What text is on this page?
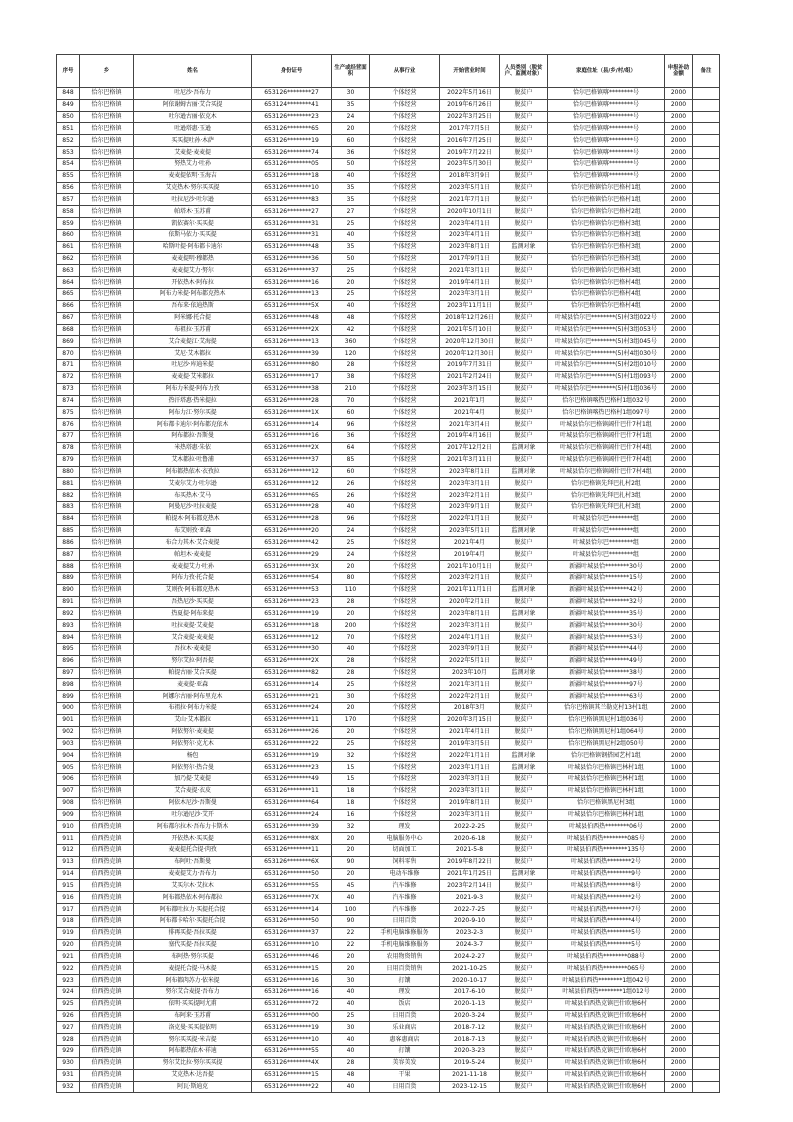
序号	乡	姓名	身份证号	生产或经营面积	从事行业	开始营业时间	人员类别（脱贫户、监测对象）	家庭住址（县/乡/村/组）	申报补助金额	备注
848	恰尔巴格镇	吐尼沙·吾布力	653126********27	30	个体经营	2022年5月16日	脱贫户	恰尔巴格镇喀********号	2000	
849	恰尔巴格镇	阿依谢姆古丽·艾合买提	653124********41	35	个体经营	2019年6月26日	脱贫户	恰尔巴格镇喀********号	2000	
850	恰尔巴格镇	吐尔逊古丽·依克木	653126********23	24	个体经营	2022年3月25日	脱贫户	恰尔巴格镇喀********号	2000	
851	恰尔巴格镇	吐逊塔惠·玉逊	653126********65	20	个体经营	2017年7月5日	脱贫户	恰尔巴格镇喀********号	2000	
852	恰尔巴格镇	买买提吐孙·木萨	653126********19	60	个体经营	2016年7月25日	脱贫户	恰尔巴格镇喀********号	2000	
853	恰尔巴格镇	艾麦提·麦麦提	653126********74	36	个体经营	2019年7月22日	脱贫户	恰尔巴格镇喀********号	2000	
854	恰尔巴格镇	努热艾力·吐孙	653126********05	50	个体经营	2023年5月30日	脱贫户	恰尔巴格镇喀********号	2000	
855	恰尔巴格镇	麦麦提依明·玉海吉	653126********18	40	个体经营	2018年3月9日	脱贫户	恰尔巴格镇喀********号	2000	
856	恰尔巴格镇	艾克热木·努尔买买提	653126********10	35	个体经营	2023年5月1日	脱贫户	恰尔巴格镇恰尔巴格村1组	2000	
857	恰尔巴格镇	吐拉尼沙·吐尔逊	653126********83	35	个体经营	2021年7月1日	脱贫户	恰尔巴格镇恰尔巴格村1组	2000	
858	恰尔巴格镇	帕塔木·玉苏甫	653126********27	27	个体经营	2020年10月1日	脱贫户	恰尔巴格镇恰尔巴格村2组	2000	
859	恰尔巴格镇	凯依赛尔·买买提	653126********31	25	个体经营	2023年4月1日	脱贫户	恰尔巴格镇恰尔巴格村3组	2000	
860	恰尔巴格镇	依斯马依力·买买提	653126********31	40	个体经营	2023年4月1日	脱贫户	恰尔巴格镇恰尔巴格村3组	2000	
861	恰尔巴格镇	哈斯叶提·阿布都卡迪尔	653126********48	35	个体经营	2023年8月1日	监测对象	恰尔巴格镇恰尔巴格村3组	2000	
862	恰尔巴格镇	麦麦提明·穆都热	653126********36	50	个体经营	2017年9月1日	脱贫户	恰尔巴格镇恰尔巴格村3组	2000	
863	恰尔巴格镇	麦麦提艾力·努尔	653126********37	25	个体经营	2021年3月1日	脱贫户	恰尔巴格镇恰尔巴格村3组	2000	
864	恰尔巴格镇	开依热木·阿布拉	653126********16	20	个体经营	2019年4月1日	脱贫户	恰尔巴格镇恰尔巴格村4组	2000	
865	恰尔巴格镇	阿布力米提·阿布都克热木	653126********13	25	个体经营	2023年3月1日	脱贫户	恰尔巴格镇恰尔巴格村4组	2000	
866	恰尔巴格镇	吾布来·依迪热斯	653126********5X	40	个体经营	2023年11月1日	脱贫户	恰尔巴格镇恰尔巴格村4组	2000	
867	恰尔巴格镇	阿米娜·托合提	653126********48	48	个体经营	2018年12月26日	脱贫户	叶城县恰尔巴********(5)村3组022号	2000	
868	恰尔巴格镇	布祖拉·玉苏甫	653126********2X	42	个体经营	2021年5月10日	脱贫户	叶城县恰尔巴********(5)村3组053号	2000	
869	恰尔巴格镇	艾合麦提江·艾海提	653126********13	360	个体经营	2020年12月30日	脱贫户	叶城县恰尔巴********(5)村3组045号	2000	
870	恰尔巴格镇	艾尼·艾木都拉	653126********39	120	个体经营	2020年12月30日	脱贫户	叶城县恰尔巴********(5)村4组030号	2000	
871	恰尔巴格镇	吐尼沙·库迪米提	653126********80	28	个体经营	2019年7月31日	脱贫户	叶城县恰尔巴********(5)村2组010号	2000	
872	恰尔巴格镇	麦麦提·艾米都拉	653126********17	38	个体经营	2021年2月24日	脱贫户	叶城县恰尔巴********(5)村1组093号	2000	
873	恰尔巴格镇	阿布力米提·阿布力孜	653126********38	210	个体经营	2023年3月15日	脱贫户	叶城县恰尔巴********(5)村1组036号	2000	
874	恰尔巴格镇	热汗塔惠·热米提拉	653126********28	70	个体经营	2021年1月	脱贫户	恰尔巴格镇喀热巴格村1组032号	2000	
875	恰尔巴格镇	阿布力江·努尔买提	653126********1X	60	个体经营	2021年4月	脱贫户	恰尔巴格镇喀热巴格村1组097号	2000	
876	恰尔巴格镇	阿布都卡迪尔·阿布都克依木	653126********14	96	个体经营	2021年3月4日	脱贫户	叶城县恰尔巴格镇阔什巴什7村1组	2000	
877	恰尔巴格镇	阿布都拉·吾斯曼	653126********16	36	个体经营	2019年4月16日	脱贫户	叶城县恰尔巴格镇阔什巴什7村1组	2000	
878	恰尔巴格镇	米热塔惠·朱依	653126********2X	64	个体经营	2017年12月2日	监测对象	叶城县恰尔巴格镇阔什巴什7村4组	2000	
879	恰尔巴格镇	艾木都拉·吐鲁浦	653126********37	85	个体经营	2021年3月11日	脱贫户	叶城县恰尔巴格镇阔什巴什7村4组	2000	
880	恰尔巴格镇	阿布都热依木·衣孜拉	653126********12	60	个体经营	2023年8月1日	监测对象	叶城县恰尔巴格镇阔什巴什7村4组	2000	
881	恰尔巴格镇	艾麦尔艾力·吐尔逊	653126********12	26	个体经营	2023年3月1日	脱贫户	恰尔巴格镇先拜巴扎村2组	2000	
882	恰尔巴格镇	布买热木·艾马	653126********65	26	个体经营	2023年2月1日	脱贫户	恰尔巴格镇先拜巴扎村3组	2000	
883	恰尔巴格镇	阿曼尼沙·吐拉麦提	653126********28	40	个体经营	2023年9月1日	脱贫户	恰尔巴格镇先拜巴扎村3组	2000	
884	恰尔巴格镇	帕提木·阿布都克热木	653126********28	96	个体经营	2022年1月1日	脱贫户	叶城县恰尔巴********组	2000	
885	恰尔巴格镇	布艾则孜·亚森	653126********20	24	个体经营	2023年5月1日	监测对象	叶城县恰尔巴********组	2000	
886	恰尔巴格镇	布合力其木·艾合麦提	653126********42	25	个体经营	2021年4月	脱贫户	叶城县恰尔巴********组	2000	
887	恰尔巴格镇	帕坦木·麦麦提	653126********29	24	个体经营	2019年4月	脱贫户	叶城县恰尔巴********组	2000	
888	恰尔巴格镇	麦麦提艾力·吐孙	653126********3X	20	个体经营	2021年10月1日	脱贫户	新疆叶城县恰********30号	2000	
889	恰尔巴格镇	阿布力孜·托合提	653126********54	80	个体经营	2023年2月1日	脱贫户	新疆叶城县恰********15号	2000	
890	恰尔巴格镇	艾则孜·阿布都克热木	653126********53	110	个体经营	2021年11月1日	监测对象	新疆叶城县恰********42号	2000	
891	恰尔巴格镇	吾热尼沙·买买提	653126********23	28	个体经营	2020年2月1日	脱贫户	新疆叶城县恰********32号	2000	
892	恰尔巴格镇	热夏提·阿布来提	653126********19	20	个体经营	2023年8月1日	监测对象	新疆叶城县恰********35号	2000	
893	恰尔巴格镇	吐拉麦提·艾麦提	653126********18	200	个体经营	2023年3月1日	脱贫户	新疆叶城县恰********30号	2000	
894	恰尔巴格镇	艾合麦提·麦麦提	653126********12	70	个体经营	2024年1月1日	脱贫户	新疆叶城县恰********53号	2000	
895	恰尔巴格镇	吾拉木·麦麦提	653126********30	40	个体经营	2023年9月1日	脱贫户	新疆叶城县恰********44号	2000	
896	恰尔巴格镇	努尔艾拉·阿吾提	653126********2X	28	个体经营	2022年5月1日	脱贫户	新疆叶城县恰********49号	2000	
897	恰尔巴格镇	帕提古丽·艾合买提	653126********82	28	个体经营	2023年10月	监测对象	新疆叶城县恰********38号	2000	
898	恰尔巴格镇	麦麦提·亚森	653126********14	25	个体经营	2021年3月1日	脱贫户	新疆叶城县恰********97号	2000	
899	恰尔巴格镇	阿娜尔古丽·阿布里克木	653126********21	30	个体经营	2022年2月1日	脱贫户	新疆叶城县恰********63号	2000	
900	恰尔巴格镇	布祖拉·阿布力米提	653126********24	20	个体经营	2018年3月	脱贫户	恰尔巴格镇其兰勒克村13村1组	2000	
901	恰尔巴格镇	艾山·艾木都拉	653126********11	170	个体经营	2020年3月15日	脱贫户	恰尔巴格镇黑尼村1组036号	2000	
902	恰尔巴格镇	阿依努尔·麦麦提	653126********26	20	个体经营	2021年4月1日	脱贫户	恰尔巴格镇黑尼村1组064号	2000	
903	恰尔巴格镇	阿依努尔·克尤木	653126********22	25	个体经营	2019年3月5日	脱贫户	恰尔巴格镇黑尼村2组050号	2000	
904	恰尔巴格镇	杨包	653126********19	32	个体经营	2022年1月1日	监测对象	恰尔巴格镇钢搭园艺村1组	2000	
905	恰尔巴格镇	阿依努尔·热合曼	653126********23	15	个体经营	2023年1月1日	监测对象	叶城县恰尔巴格镇巴林村1组	1000	
906	恰尔巴格镇	加乃提·艾麦提	653126********49	15	个体经营	2023年3月1日	脱贫户	叶城县恰尔巴格镇巴林村1组	1000	
907	恰尔巴格镇	艾合麦提·衣皮	653126********11	18	个体经营	2023年3月1日	脱贫户	叶城县恰尔巴格镇巴林村1组	1000	
908	恰尔巴格镇	阿依木尼沙·吾斯曼	653126********64	18	个体经营	2019年8月1日	脱贫户	恰尔巴格镇黑尼村3组	1000	
909	恰尔巴格镇	吐尔逊尼沙·艾开	653126********24	16	个体经营	2023年3月1日	脱贫户	叶城县恰尔巴格镇巴林村1组	1000	
910	伯西热克镇	阿布都尔拉木·吾布力卡斯木	653126********39	32	理发	2022-2-25	脱贫户	叶城县伯西热********06号	2000	
911	伯西热克镇	开依热木·买买提	653126********8X	20	电脑服务中心	2020-6-18	脱贫户	叶城县伯西热********085号	2000	
912	伯西热克镇	麦麦提托合提·肉孜	653126********11	20	切面加工	2021-5-8	脱贫户	叶城县伯西热********135号	2000	
913	伯西热克镇	布阿吐·吾斯曼	653126********6X	90	饲料零售	2019年8月22日	脱贫户	叶城县伯西热********2号	2000	
914	伯西热克镇	麦麦提艾力·吾布力	653126********50	20	电动车维修	2021年1月25日	监测对象	叶城县伯西热********9号	2000	
915	伯西热克镇	艾买尔木·艾拉木	653126********55	45	汽车维修	2023年2月14日	脱贫户	叶城县伯西热********8号	2000	
916	伯西热克镇	阿布都热依木·阿布都拉	653126********7X	40	汽车维修	2021-9-3	脱贫户	叶城县伯西热********2号	2000	
917	伯西热克镇	阿布都吐拉力·买提托合提	653126********14	100	汽车维修	2022-7-25	脱贫户	叶城县伯西热********7号	2000	
918	伯西热克镇	阿布都卡哈尔·买提托合提	653126********50	90	日用百货	2020-9-10	脱贫户	叶城县伯西热********4号	2000	
919	伯西热克镇	排再买提·吾拉买提	653126********37	22	手机电脑维修服务	2023-2-3	脱贫户	叶城县伯西热********5号	2000	
920	伯西热克镇	塞代买提·吾拉买提	653126********10	22	手机电脑维修服务	2024-3-7	脱贫户	叶城县伯西热********5号	2000	
921	伯西热克镇	布阿热·努尔买提	653126********46	20	农用物资销售	2024-2-27	脱贫户	叶城县伯西热********088号	2000	
922	伯西热克镇	麦提托合提·马木提	653126********15	20	日用百货销售	2021-10-25	脱贫户	叶城县伯西热********065号	2000	
923	伯西热克镇	阿布都肉苏力·依米提	653126********16	30	打馕	2020-10-17	脱贫户	叶城县伯西热********1组042号	2000	
924	伯西热克镇	努尔艾合麦提·吾布力	653126********16	40	理发	2017-6-10	脱贫户	叶城县伯西热********1组012号	2000	
925	伯西热克镇	依明·买买提阿尤甫	653126********72	40	饭店	2020-1-13	脱贫户	叶城县伯西热克镇巴什欧塘6村	2000	
926	伯西热克镇	布阿来·玉苏甫	653126********00	25	日用百货	2020-3-24	脱贫户	叶城县伯西热克镇巴什欧塘6村	2000	
927	伯西热克镇	洛克曼·买买提依明	653126********19	30	乐业商店	2018-7-12	脱贫户	叶城县伯西热克镇巴什欧塘6村	2000	
928	伯西热克镇	努尔买买提·米吉提	653126********10	40	惠客惠商店	2018-7-13	脱贫户	叶城县伯西热克镇巴什欧塘6村	2000	
929	伯西热克镇	阿布都热依木·祥迪	653126********55	40	打馕	2020-3-23	脱贫户	叶城县伯西热克镇巴什欧塘6村	2000	
930	伯西热克镇	努尔艾比拉·努尔买买提	653126********4X	28	美容美发	2019-5-24	脱贫户	叶城县伯西热克镇巴什欧塘6村	2000	
931	伯西热克镇	艾克热木·达吾提	653126********15	48	干果	2021-11-18	脱贫户	叶城县伯西热克镇巴什欧塘6村	2000	
932	伯西热克镇	阿瓦·斯迪克	653126********22	40	日用百货	2023-12-15	脱贫户	叶城县伯西热克镇巴什欧塘6村	2000	
